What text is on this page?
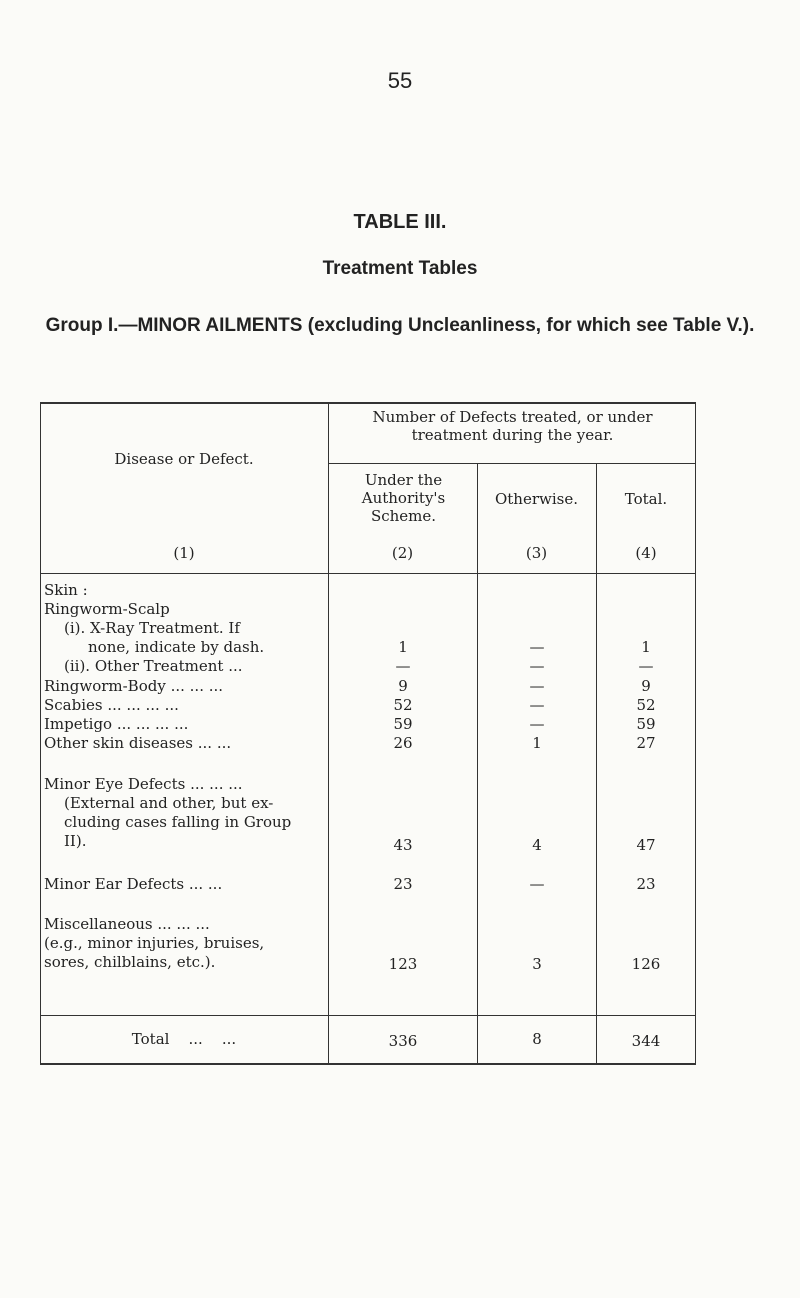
55
TABLE III.
Treatment Tables
Group I.—MINOR AILMENTS (excluding Uncleanliness, for which see Table V.).
Disease or Defect.
Number of Defects treated, or under treatment during the year.
Under the Authority's Scheme.
Otherwise.	Total.
(1)	(2)	(3)	(4)
Skin :
Ringworm-Scalp
(i). X-Ray Treatment. If
none, indicate by dash.	1	—	1
(ii). Other Treatment ...	—	—	—
Ringworm-Body ... ... ...	9	—	9
Scabies ... ... ... ...	52	—	52
Impetigo ... ... ... ...	59	—	59
Other skin diseases ... ...	26	1	27
Minor Eye Defects ... ... ...
(External and other, but ex-
cluding cases falling in Group
II).	43	4	47
Minor Ear Defects ... ...	23	—	23
Miscellaneous ... ... ...
(e.g., minor injuries, bruises,
sores, chilblains, etc.).	123	3	126
Total    ...    ...	336	8	344
